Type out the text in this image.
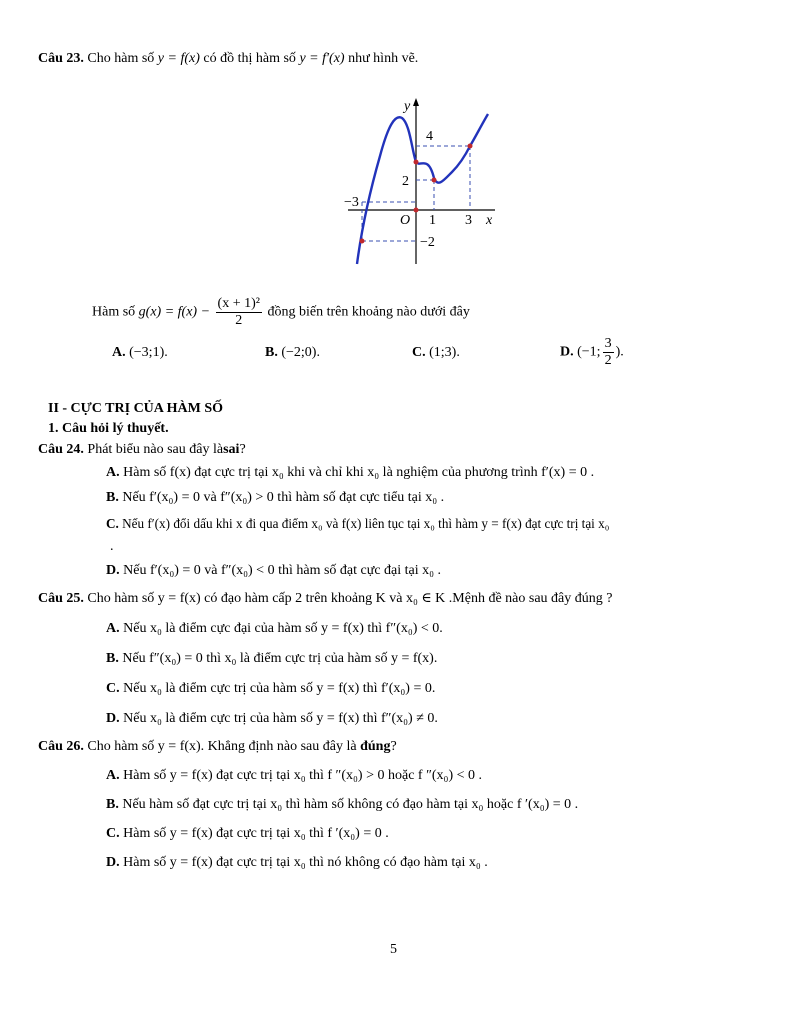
Câu 23. Cho hàm số y = f(x) có đồ thị hàm số y = f′(x) như hình vẽ.
y
x
O
4
2
−3
1 3
−2
Hàm số $g(x) = f(x) - \frac{\text{(x + 1)²}}{2}$ đồng biến trên khoảng nào dưới đây
A. (−3;1).	B. (−2;0).	C. (1;3).	D. (−1; $\frac{3}{2}$ ).
II - CỰC TRỊ CỦA HÀM SỐ
1. Câu hỏi lý thuyết.
Câu 24. Phát biểu nào sau đây làsai?
A. Hàm số f(x) đạt cực trị tại x₀ khi và chỉ khi x₀ là nghiệm của phương trình f′(x) = 0 .
B. Nếu f′(x₀) = 0 và f″(x₀) > 0 thì hàm số đạt cực tiểu tại x₀ .
C. Nếu f′(x) đổi dấu khi x đi qua điểm x₀ và f(x) liên tục tại x₀ thì hàm y = f(x) đạt cực trị tại x₀
.
D. Nếu f′(x₀) = 0 và f″(x₀) < 0 thì hàm số đạt cực đại tại x₀ .
Câu 25. Cho hàm số y = f(x) có đạo hàm cấp 2 trên khoảng K và x₀ ∈ K .Mệnh đề nào sau đây đúng ?
A. Nếu x₀ là điểm cực đại của hàm số y = f(x) thì f″(x₀) < 0.
B. Nếu f″(x₀) = 0 thì x₀ là điểm cực trị của hàm số y = f(x).
C. Nếu x₀ là điểm cực trị của hàm số y = f(x) thì f′(x₀) = 0.
D. Nếu x₀ là điểm cực trị của hàm số y = f(x) thì f″(x₀) ≠ 0.
Câu 26. Cho hàm số y = f(x). Khẳng định nào sau đây là đúng?
A. Hàm số y = f(x) đạt cực trị tại x₀ thì f ″(x₀) > 0 hoặc f ″(x₀) < 0 .
B. Nếu hàm số đạt cực trị tại x₀ thì hàm số không có đạo hàm tại x₀ hoặc f ′(x₀) = 0 .
C. Hàm số y = f(x) đạt cực trị tại x₀ thì f ′(x₀) = 0 .
D. Hàm số y = f(x) đạt cực trị tại x₀ thì nó không có đạo hàm tại x₀ .
5
